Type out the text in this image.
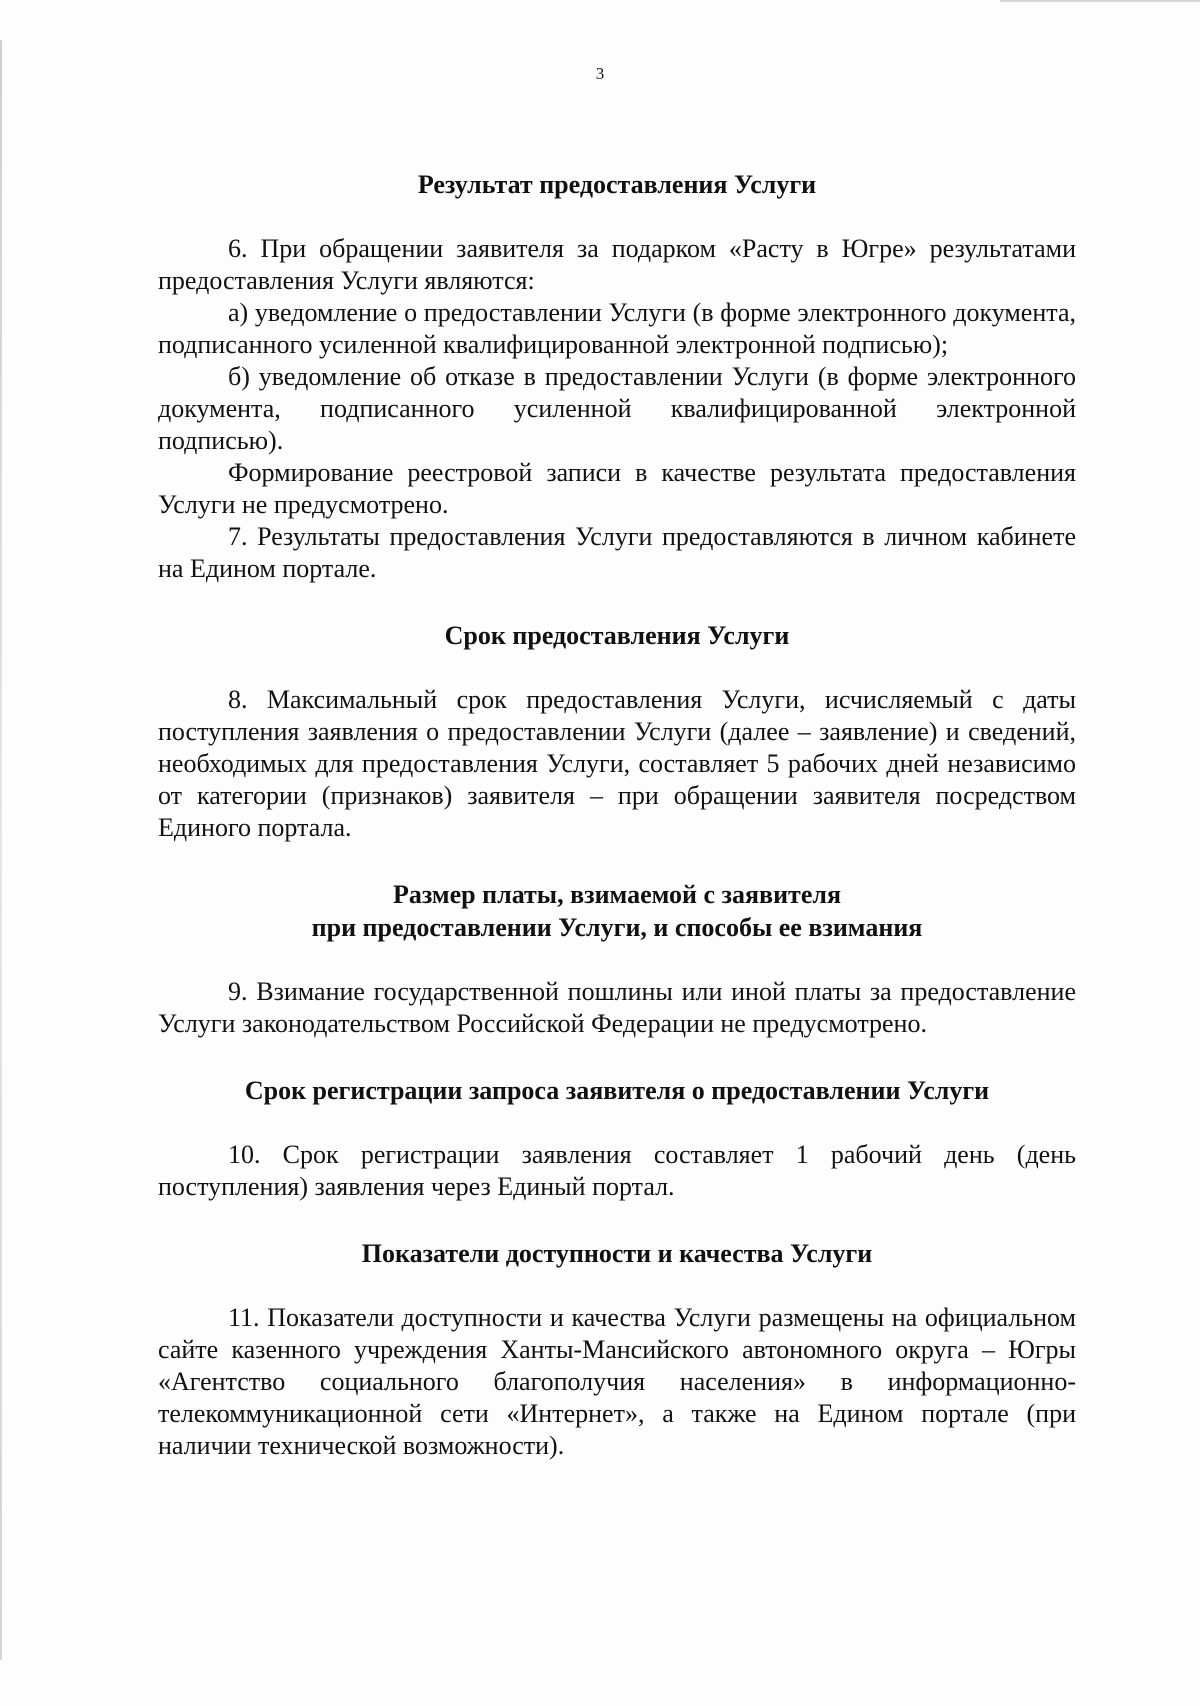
3
Результат предоставления Услуги

6. При обращении заявителя за подарком «Расту в Югре» результатами предоставления Услуги являются:

а) уведомление о предоставлении Услуги (в форме электронного документа, подписанного усиленной квалифицированной электронной подписью);

б) уведомление об отказе в предоставлении Услуги (в форме электронного документа, подписанного усиленной квалифицированной электронной подписью).

Формирование реестровой записи в качестве результата предоставления Услуги не предусмотрено.

7. Результаты предоставления Услуги предоставляются в личном кабинете на Едином портале.

Срок предоставления Услуги

8. Максимальный срок предоставления Услуги, исчисляемый с даты поступления заявления о предоставлении Услуги (далее – заявление) и сведений, необходимых для предоставления Услуги, составляет 5 рабочих дней независимо от категории (признаков) заявителя – при обращении заявителя посредством Единого портала.

Размер платы, взимаемой с заявителя
при предоставлении Услуги, и способы ее взимания

9. Взимание государственной пошлины или иной платы за предоставление Услуги законодательством Российской Федерации не предусмотрено.

Срок регистрации запроса заявителя о предоставлении Услуги

10. Срок регистрации заявления составляет 1 рабочий день (день поступления) заявления через Единый портал.

Показатели доступности и качества Услуги

11. Показатели доступности и качества Услуги размещены на официальном сайте казенного учреждения Ханты-Мансийского автономного округа – Югры «Агентство социального благополучия населения» в информационно-телекоммуникационной сети «Интернет», а также на Едином портале (при наличии технической возможности).
